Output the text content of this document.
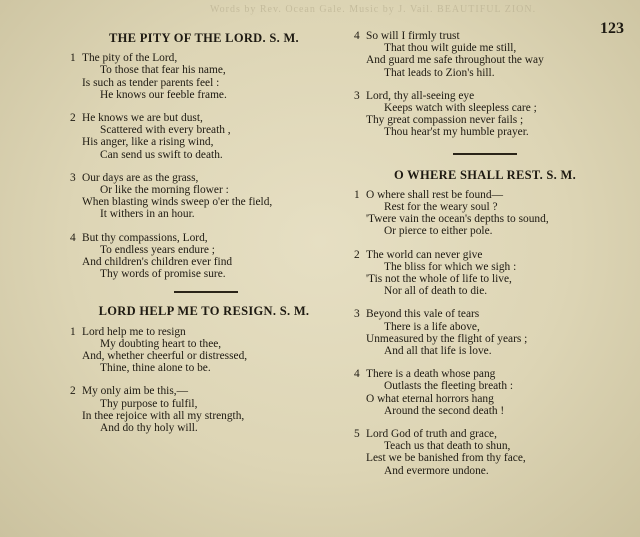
Words by Rev. Ocean Gale. Music by J. Vail. BEAUTIFUL ZION.
123
THE PITY OF THE LORD. S. M.
1 The pity of the Lord,
To those that fear his name,
Is such as tender parents feel :
He knows our feeble frame.
2 He knows we are but dust,
Scattered with every breath ,
His anger, like a rising wind,
Can send us swift to death.
3 Our days are as the grass,
Or like the morning flower :
When blasting winds sweep o'er the field,
It withers in an hour.
4 But thy compassions, Lord,
To endless years endure ;
And children's children ever find
Thy words of promise sure.
LORD HELP ME TO RESIGN. S. M.
1 Lord help me to resign
My doubting heart to thee,
And, whether cheerful or distressed,
Thine, thine alone to be.
2 My only aim be this,—
Thy purpose to fulfil,
In thee rejoice with all my strength,
And do thy holy will.
4 So will I firmly trust
That thou wilt guide me still,
And guard me safe throughout the way
That leads to Zion's hill.
3 Lord, thy all-seeing eye
Keeps watch with sleepless care ;
Thy great compassion never fails ;
Thou hear'st my humble prayer.
O WHERE SHALL REST. S. M.
1 O where shall rest be found—
Rest for the weary soul ?
'Twere vain the ocean's depths to sound,
Or pierce to either pole.
2 The world can never give
The bliss for which we sigh :
'Tis not the whole of life to live,
Nor all of death to die.
3 Beyond this vale of tears
There is a life above,
Unmeasured by the flight of years ;
And all that life is love.
4 There is a death whose pang
Outlasts the fleeting breath :
O what eternal horrors hang
Around the second death !
5 Lord God of truth and grace,
Teach us that death to shun,
Lest we be banished from thy face,
And evermore undone.
